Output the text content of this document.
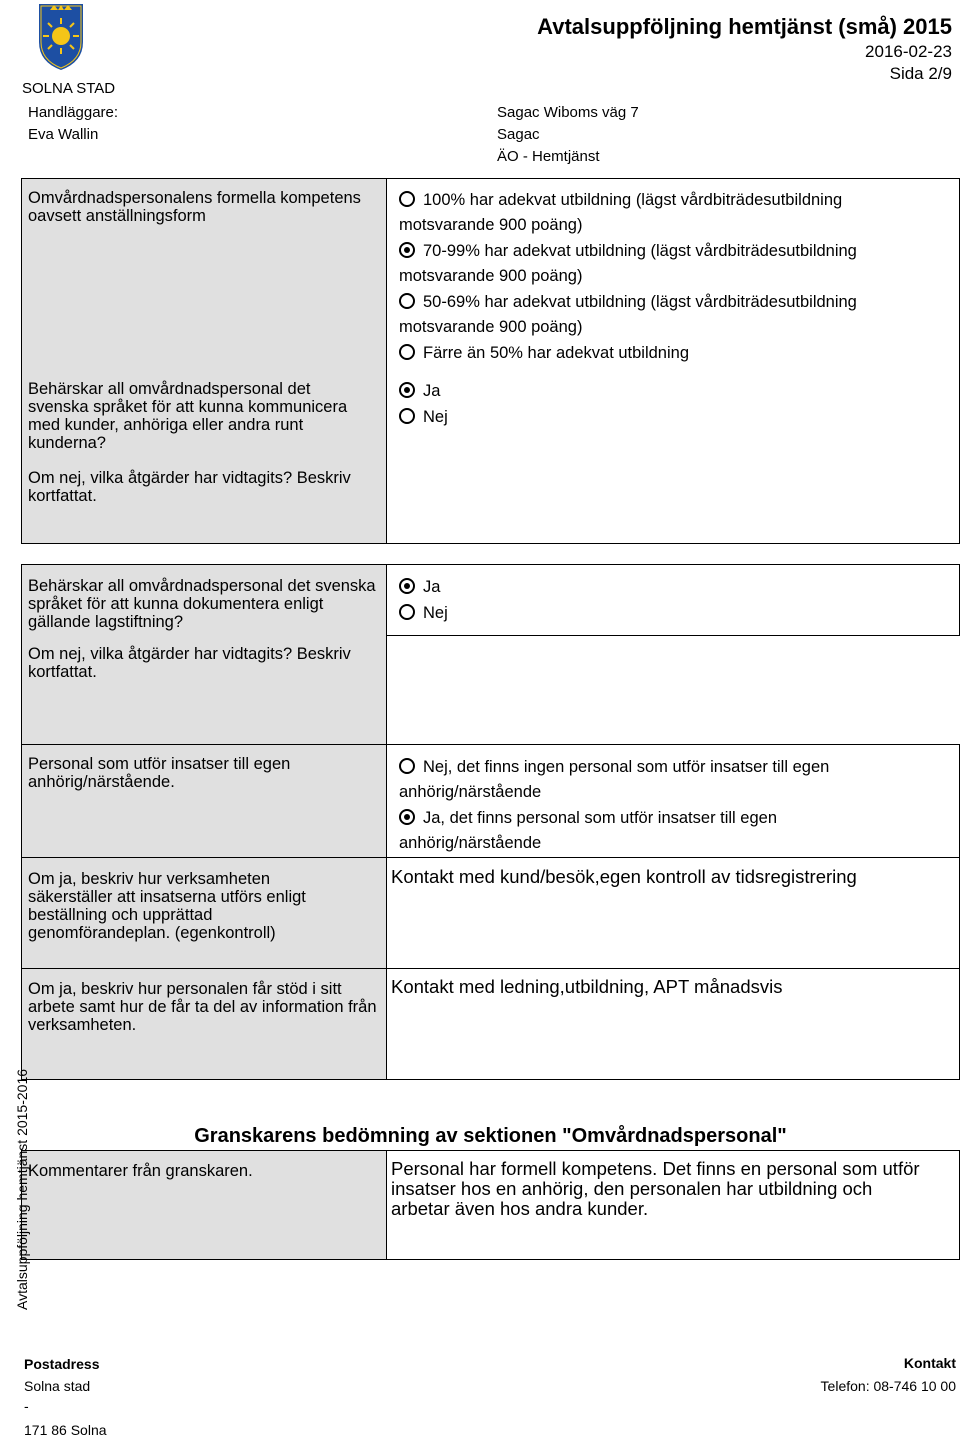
SOLNA STAD
Avtalsuppföljning hemtjänst (små) 2015
2016-02-23
Sida 2/9
Handläggare:
Eva Wallin
Sagac Wiboms väg 7
Sagac
ÄO - Hemtjänst
Omvårdnadspersonalens formella kompetens oavsett anställningsform
Behärskar all omvårdnadspersonal det svenska språket för att kunna kommunicera med kunder, anhöriga eller andra runt kunderna?
Om nej, vilka åtgärder har vidtagits? Beskriv kortfattat.
100% har adekvat utbildning (lägst vårdbiträdesutbildning
motsvarande 900 poäng)
70-99% har adekvat utbildning (lägst vårdbiträdesutbildning
motsvarande 900 poäng)
50-69% har adekvat utbildning (lägst vårdbiträdesutbildning
motsvarande 900 poäng)
Färre än 50% har adekvat utbildning
Ja
Nej
Behärskar all omvårdnadspersonal det svenska språket för att kunna dokumentera enligt gällande lagstiftning?
Om nej, vilka åtgärder har vidtagits? Beskriv kortfattat.
Ja
Nej
Personal som utför insatser till egen anhörig/närstående.
Nej, det finns ingen personal som utför insatser till egen
anhörig/närstående
Ja, det finns personal som utför insatser till egen
anhörig/närstående
Om ja, beskriv hur verksamheten säkerställer att insatserna utförs enligt beställning och upprättad genomförandeplan. (egenkontroll)
Kontakt med kund/besök,egen kontroll av tidsregistrering
Om ja, beskriv hur personalen får stöd i sitt arbete samt hur de får ta del av information från verksamheten.
Kontakt med ledning,utbildning, APT månadsvis
Granskarens bedömning av sektionen "Omvårdnadspersonal"
Kommentarer från granskaren.	Personal har formell kompetens. Det finns en personal som utför insatser hos en anhörig, den personalen har utbildning och arbetar även hos andra kunder.
Avtalsuppföljning hemtjänst 2015-2016
Postadress
Solna stad
-
171 86 Solna
Kontakt
Telefon: 08-746 10 00
